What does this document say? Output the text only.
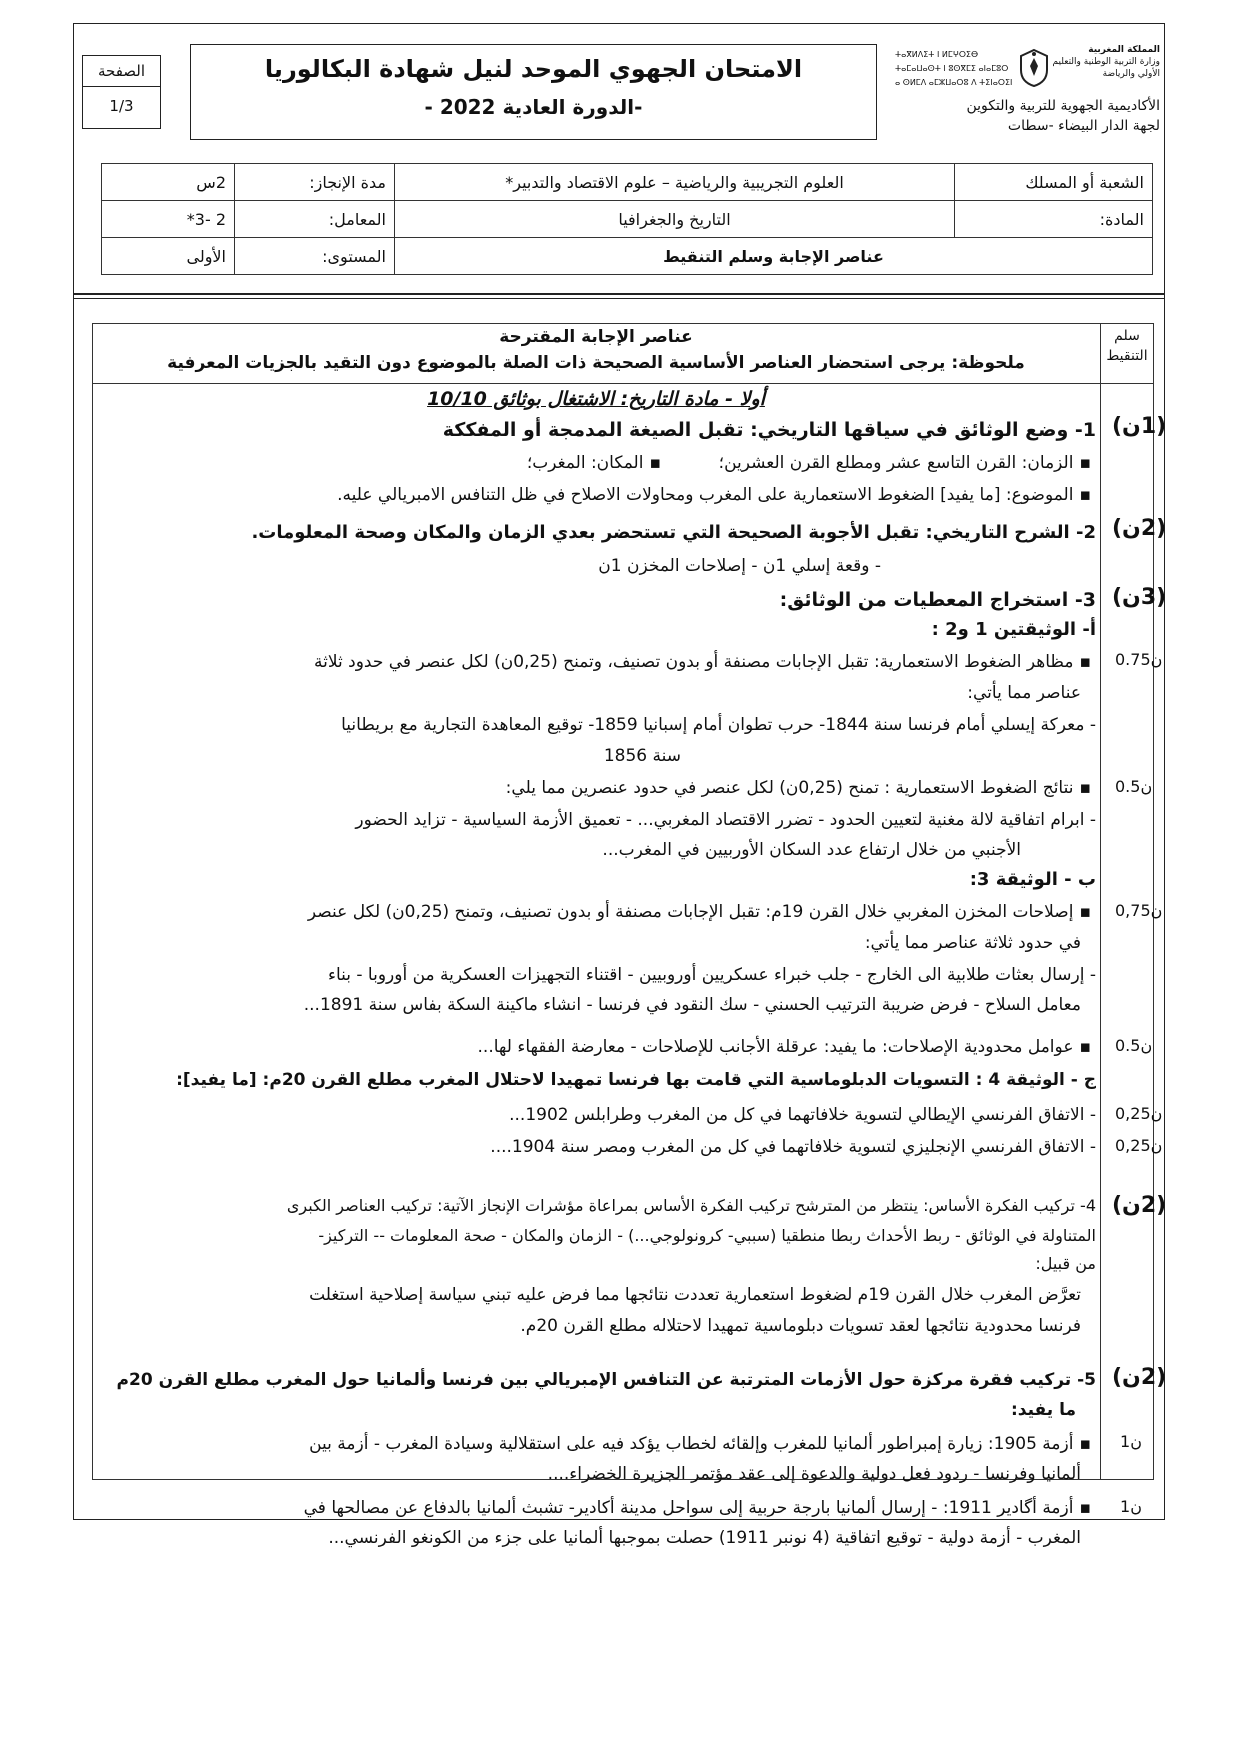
الصفحة
1/3
الامتحان الجهوي الموحد لنيل شهادة البكالوريا
-الدورة العادية 2022 -
ⵜⴰⴳⵍⴷⵉⵜ ⵏ ⵍⵎⵖⵔⵉⴱ
ⵜⴰⵎⴰⵡⴰⵙⵜ ⵏ ⵓⵙⴳⵎⵉ ⴰⵏⴰⵎⵓⵔ
ⴰ ⵙⵍⵎⴷ ⴰⵎⵣⵡⴰⵔⵓ ⴷ ⵜⵉⵏⴰⵔⵉⵏ
المملكة المغربية
وزارة التربية الوطنية والتعليم الأولي والرياضة
الأكاديمية الجهوية للتربية والتكوين
لجهة الدار البيضاء -سطات
الشعبة أو المسلك
العلوم التجريبية والرياضية – علوم الاقتصاد والتدبير*
مدة الإنجاز:
2س
المادة:
التاريخ والجغرافيا
المعامل:
2 -3*
عناصر الإجابة وسلم التنقيط
المستوى:
الأولى
سلم
التنقيط
عناصر الإجابة المقترحة
ملحوظة: يرجى استحضار العناصر الأساسية الصحيحة ذات الصلة بالموضوع دون التقيد بالجزيات المعرفية
أولا - مادة التاريخ: الاشتغال بوثائق 10/10
(1ن)
1- وضع الوثائق في سياقها التاريخي: تقبل الصيغة المدمجة أو المفككة
▪ الزمان: القرن التاسع عشر ومطلع القرن العشرين؛
▪ المكان: المغرب؛
▪ الموضوع: [ما يفيد] الضغوط الاستعمارية على المغرب ومحاولات الاصلاح في ظل التنافس الامبريالي عليه.
(2ن)
2- الشرح التاريخي: تقبل الأجوبة الصحيحة التي تستحضر بعدي الزمان والمكان وصحة المعلومات.
- وقعة إسلي 1ن - إصلاحات المخزن 1ن
(3ن)
3- استخراج المعطيات من الوثائق:
أ- الوثيقتين 1 و2 :
0.75ن
▪ مظاهر الضغوط الاستعمارية: تقبل الإجابات مصنفة أو بدون تصنيف، وتمنح (0,25ن) لكل عنصر في حدود ثلاثة
عناصر مما يأتي:
- معركة إيسلي أمام فرنسا سنة 1844- حرب تطوان أمام إسبانيا 1859- توقيع المعاهدة التجارية مع بريطانيا
سنة 1856
0.5ن
▪ نتائج الضغوط الاستعمارية : تمنح (0,25ن) لكل عنصر في حدود عنصرين مما يلي:
- ابرام اتفاقية لالة مغنية لتعيين الحدود - تضرر الاقتصاد المغربي... - تعميق الأزمة السياسية - تزايد الحضور
الأجنبي من خلال ارتفاع عدد السكان الأوربيين في المغرب...
ب - الوثيقة 3:
0,75ن
▪ إصلاحات المخزن المغربي خلال القرن 19م: تقبل الإجابات مصنفة أو بدون تصنيف، وتمنح (0,25ن) لكل عنصر
في حدود ثلاثة عناصر مما يأتي:
- إرسال بعثات طلابية الى الخارج - جلب خبراء عسكريين أوروبيين - اقتناء التجهيزات العسكرية من أوروبا - بناء
معامل السلاح - فرض ضريبة الترتيب الحسني - سك النقود في فرنسا - انشاء ماكينة السكة بفاس سنة 1891...
0.5ن
▪ عوامل محدودية الإصلاحات: ما يفيد: عرقلة الأجانب للإصلاحات - معارضة الفقهاء لها...
ج - الوثيقة 4 : التسويات الدبلوماسية التي قامت بها فرنسا تمهيدا لاحتلال المغرب مطلع القرن 20م: [ما يفيد]:
0,25ن
- الاتفاق الفرنسي الإيطالي لتسوية خلافاتهما في كل من المغرب وطرابلس 1902...
0,25ن
- الاتفاق الفرنسي الإنجليزي لتسوية خلافاتهما في كل من المغرب ومصر سنة 1904....
(2ن)
4- تركيب الفكرة الأساس: ينتظر من المترشح تركيب الفكرة الأساس بمراعاة مؤشرات الإنجاز الآتية: تركيب العناصر الكبرى
المتناولة في الوثائق - ربط الأحداث ربطا منطقيا (سببي- كرونولوجي...) - الزمان والمكان - صحة المعلومات -- التركيز-
من قبيل:
تعرَّض المغرب خلال القرن 19م لضغوط استعمارية تعددت نتائجها مما فرض عليه تبني سياسة إصلاحية استغلت
فرنسا محدودية نتائجها لعقد تسويات دبلوماسية تمهيدا لاحتلاله مطلع القرن 20م.
(2ن)
5- تركيب فقرة مركزة حول الأزمات المترتبة عن التنافس الإمبريالي بين فرنسا وألمانيا حول المغرب مطلع القرن 20م
ما يفيد:
1ن
▪ أزمة 1905: زيارة إمبراطور ألمانيا للمغرب وإلقائه لخطاب يؤكد فيه على استقلالية وسيادة المغرب - أزمة بين
ألمانيا وفرنسا - ردود فعل دولية والدعوة إلى عقد مؤتمر الجزيرة الخضراء....
1ن
▪ أزمة أگادير 1911: - إرسال ألمانيا بارجة حربية إلى سواحل مدينة أكادير- تشبث ألمانيا بالدفاع عن مصالحها في
المغرب - أزمة دولية - توقيع اتفاقية (4 نونبر 1911) حصلت بموجبها ألمانيا على جزء من الكونغو الفرنسي...
